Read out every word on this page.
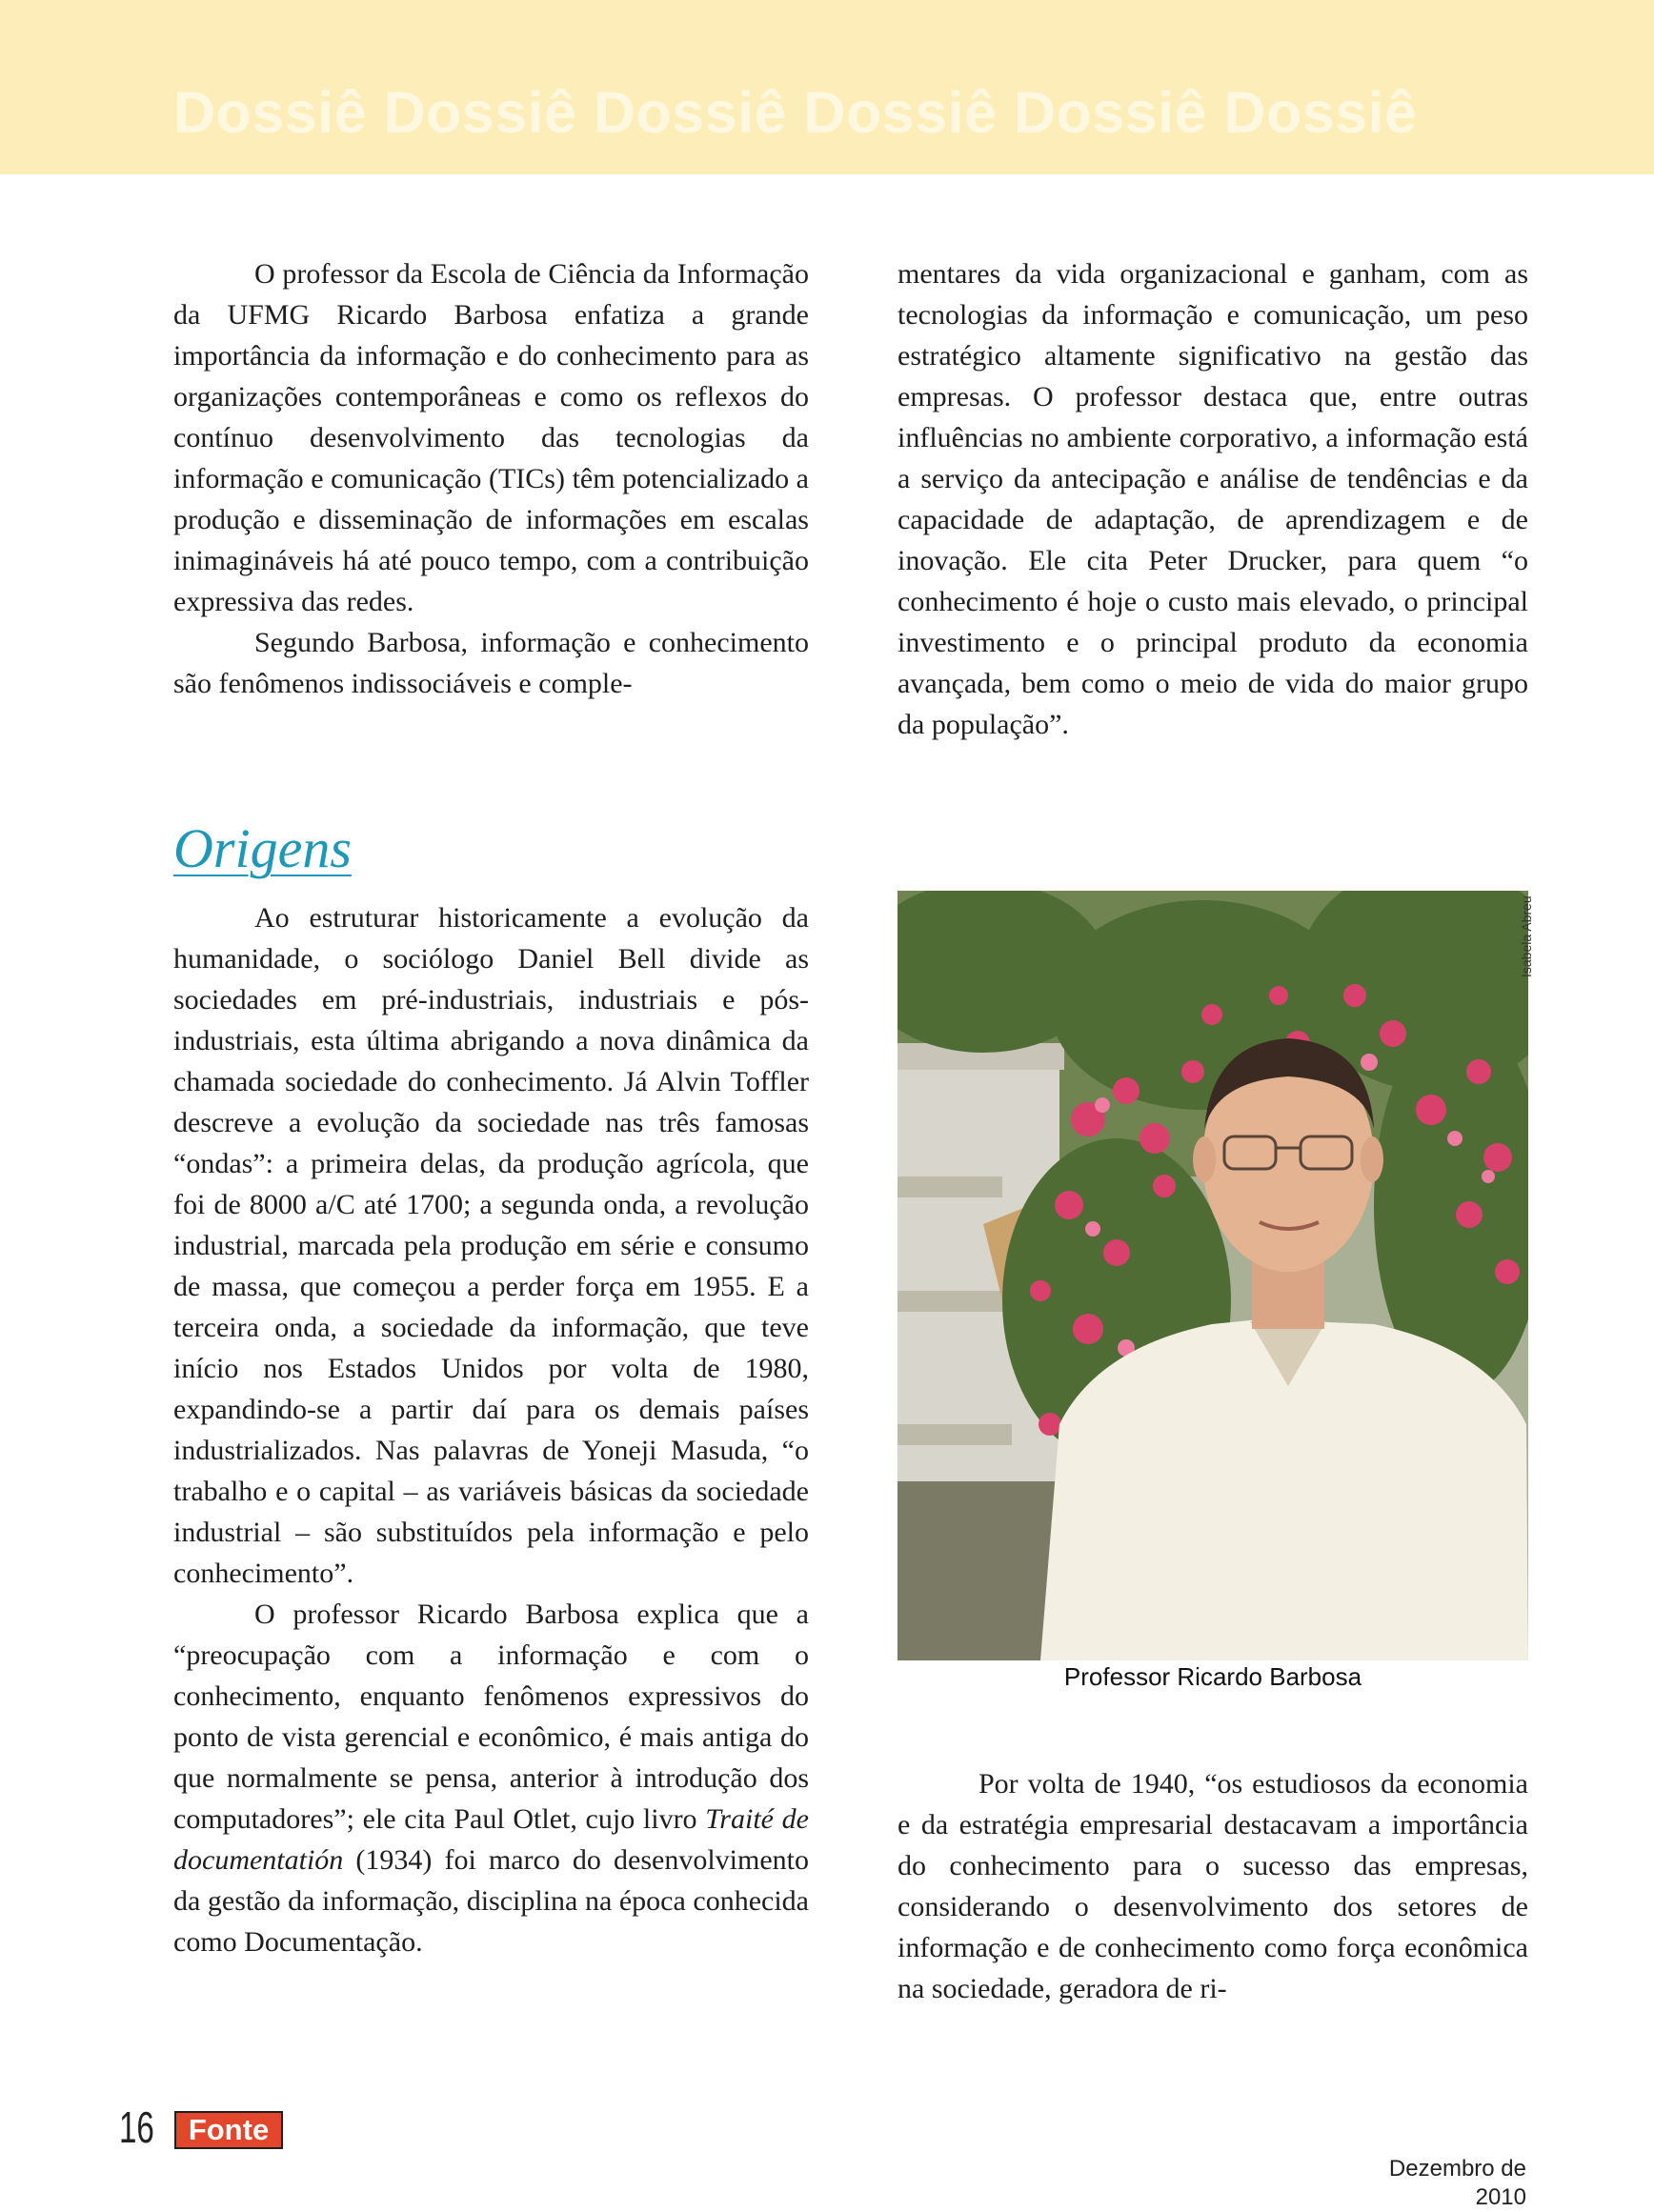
Dossiê Dossiê Dossiê Dossiê Dossiê Dossiê

O professor da Escola de Ciência da Informação da UFMG Ricardo Barbosa enfatiza a grande importância da informação e do conhecimento para as organizações contemporâneas e como os reflexos do contínuo desenvolvimento das tecnologias da informação e comunicação (TICs) têm potencializado a produção e disseminação de informações em escalas inimagináveis há até pouco tempo, com a contribuição expressiva das redes.

Segundo Barbosa, informação e conhecimento são fenômenos indissociáveis e comple-

mentares da vida organizacional e ganham, com as tecnologias da informação e comunicação, um peso estratégico altamente significativo na gestão das empresas. O professor destaca que, entre outras influências no ambiente corporativo, a informação está a serviço da antecipação e análise de tendências e da capacidade de adaptação, de aprendizagem e de inovação. Ele cita Peter Drucker, para quem “o conhecimento é hoje o custo mais elevado, o principal investimento e o principal produto da economia avançada, bem como o meio de vida do maior grupo da população”.

Origens

Ao estruturar historicamente a evolução da humanidade, o sociólogo Daniel Bell divide as sociedades em pré-industriais, industriais e pós-industriais, esta última abrigando a nova dinâmica da chamada sociedade do conhecimento. Já Alvin Toffler descreve a evolução da sociedade nas três famosas “ondas”: a primeira delas, da produção agrícola, que foi de 8000 a/C até 1700; a segunda onda, a revolução industrial, marcada pela produção em série e consumo de massa, que começou a perder força em 1955. E a terceira onda, a sociedade da informação, que teve início nos Estados Unidos por volta de 1980, expandindo-se a partir daí para os demais países industrializados. Nas palavras de Yoneji Masuda, “o trabalho e o capital – as variáveis básicas da sociedade industrial – são substituídos pela informação e pelo conhecimento”.

O professor Ricardo Barbosa explica que a “preocupação com a informação e com o conhecimento, enquanto fenômenos expressivos do ponto de vista gerencial e econômico, é mais antiga do que normalmente se pensa, anterior à introdução dos computadores”; ele cita Paul Otlet, cujo livro Traité de documentatión (1934) foi marco do desenvolvimento da gestão da informação, disciplina na época conhecida como Documentação.

Isabela Abreu
Professor Ricardo Barbosa

Por volta de 1940, “os estudiosos da economia e da estratégia empresarial destacavam a importância do conhecimento para o sucesso das empresas, considerando o desenvolvimento dos setores de informação e de conhecimento como força econômica na sociedade, geradora de ri-

16	Fonte
Dezembro de 2010
